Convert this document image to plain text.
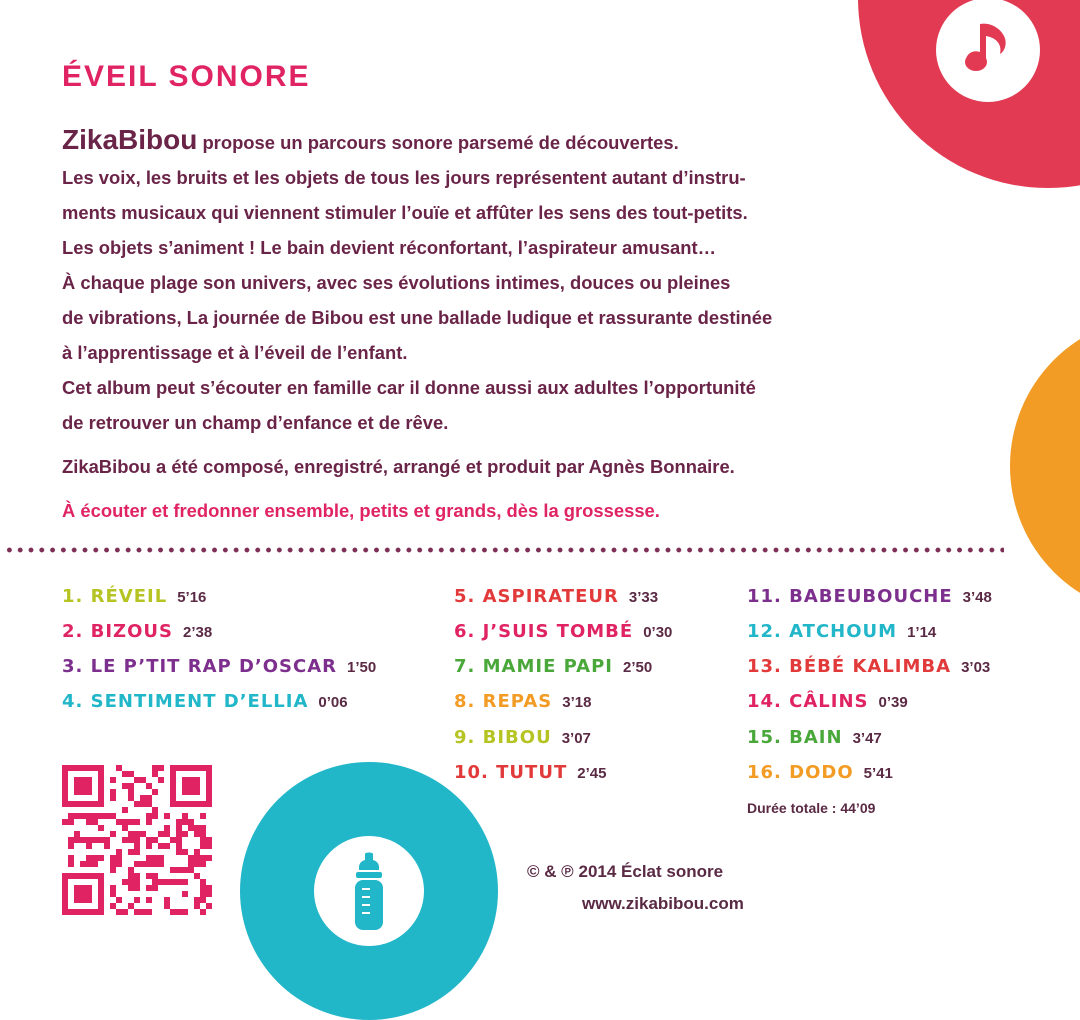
ÉVEIL SONORE
ZikaBibou propose un parcours sonore parsemé de découvertes.
Les voix, les bruits et les objets de tous les jours représentent autant d’instru-
ments musicaux qui viennent stimuler l’ouïe et affûter les sens des tout-petits.
Les objets s’animent ! Le bain devient réconfortant, l’aspirateur amusant…
À chaque plage son univers, avec ses évolutions intimes, douces ou pleines
de vibrations, La journée de Bibou est une ballade ludique et rassurante destinée
à l’apprentissage et à l’éveil de l’enfant.
Cet album peut s’écouter en famille car il donne aussi aux adultes l’opportunité
de retrouver un champ d’enfance et de rêve.
ZikaBibou a été composé, enregistré, arrangé et produit par Agnès Bonnaire.
À écouter et fredonner ensemble, petits et grands, dès la grossesse.
1. RÉVEIL 5’16
2. BIZOUS 2’38
3. LE P’TIT RAP D’OSCAR 1’50
4. SENTIMENT D’ELLIA 0’06
5. ASPIRATEUR 3’33
6. J’SUIS TOMBÉ 0’30
7. MAMIE PAPI 2’50
8. REPAS 3’18
9. BIBOU 3’07
10. TUTUT 2’45
11. BABEUBOUCHE 3’48
12. ATCHOUM 1’14
13. BÉBÉ KALIMBA 3’03
14. CÂLINS 0’39
15. BAIN 3’47
16. DODO 5’41
Durée totale : 44’09
© & ℗ 2014 Éclat sonore
www.zikabibou.com
